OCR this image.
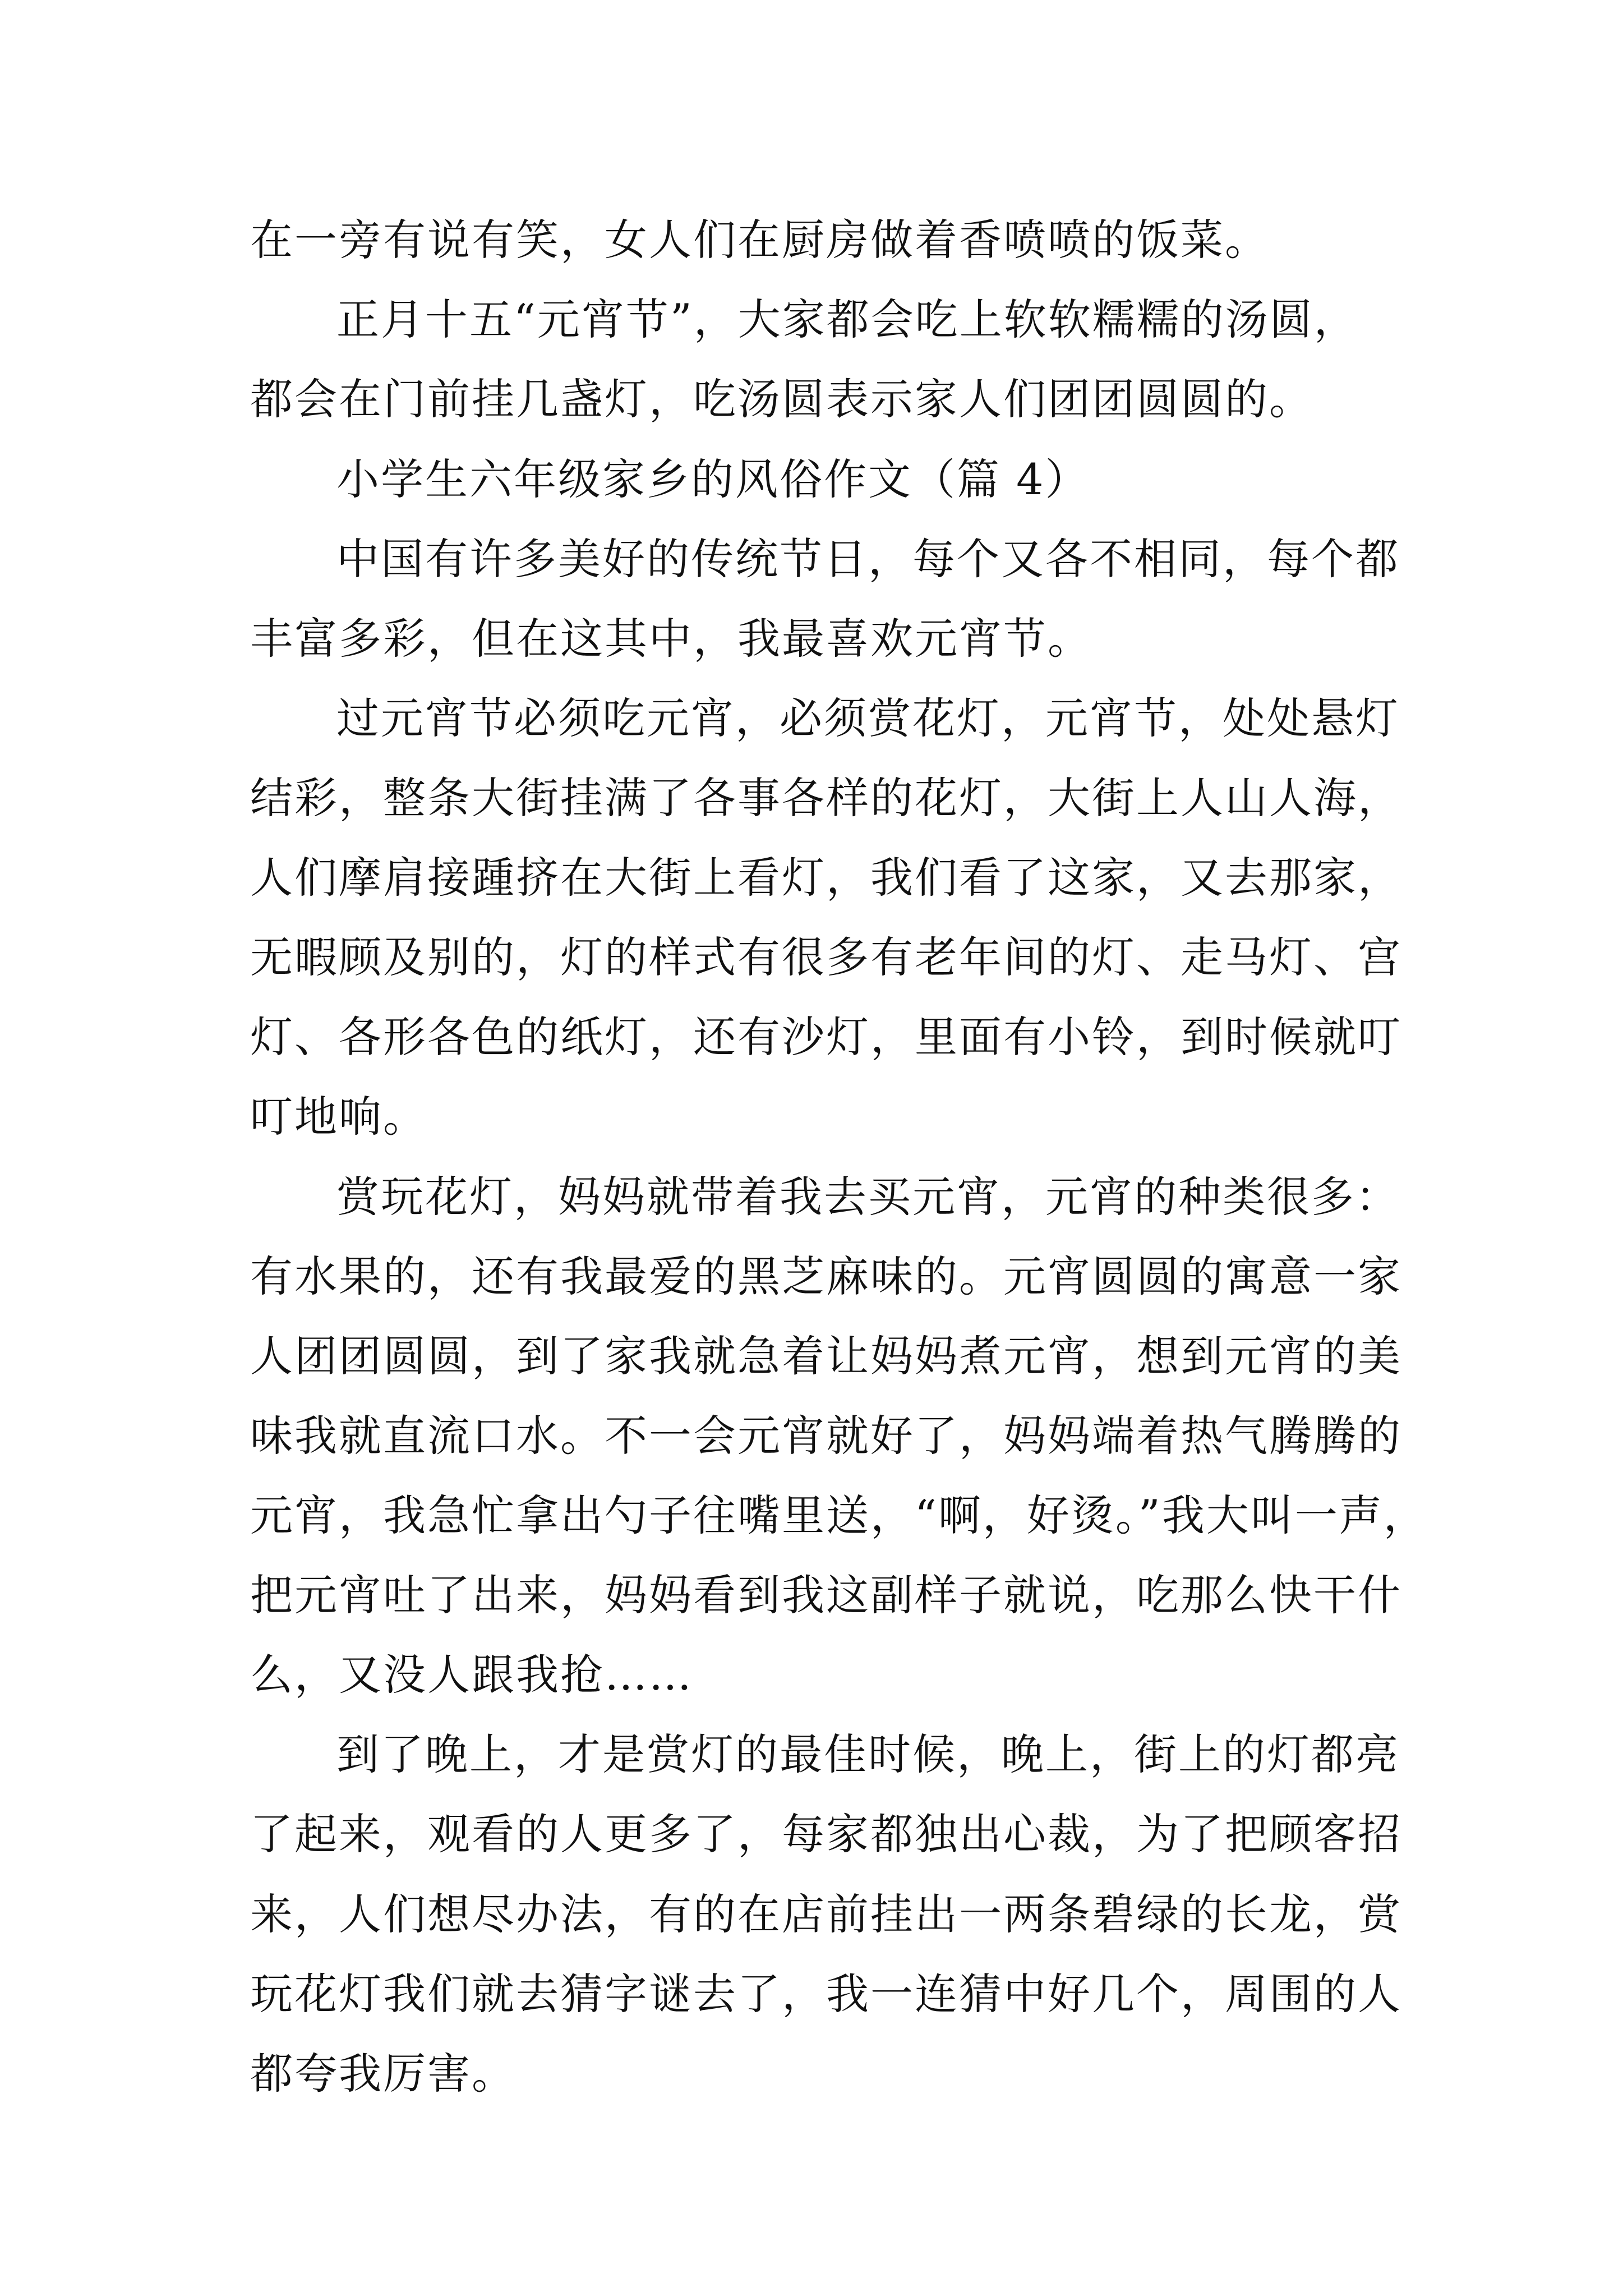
在一旁有说有笑，女人们在厨房做着香喷喷的饭菜。
正月十五“元宵节”，大家都会吃上软软糯糯的汤圆，
都会在门前挂几盏灯，吃汤圆表示家人们团团圆圆的。
小学生六年级家乡的风俗作文（篇 4）
中国有许多美好的传统节日，每个又各不相同，每个都
丰富多彩，但在这其中，我最喜欢元宵节。
过元宵节必须吃元宵，必须赏花灯，元宵节，处处悬灯
结彩，整条大街挂满了各事各样的花灯，大街上人山人海，
人们摩肩接踵挤在大街上看灯，我们看了这家，又去那家，
无暇顾及别的，灯的样式有很多有老年间的灯、走马灯、宫
灯、各形各色的纸灯，还有沙灯，里面有小铃，到时候就叮
叮地响。
赏玩花灯，妈妈就带着我去买元宵，元宵的种类很多：
有水果的，还有我最爱的黑芝麻味的。元宵圆圆的寓意一家
人团团圆圆，到了家我就急着让妈妈煮元宵，想到元宵的美
味我就直流口水。不一会元宵就好了，妈妈端着热气腾腾的
元宵，我急忙拿出勺子往嘴里送，“啊，好烫。”我大叫一声，
把元宵吐了出来，妈妈看到我这副样子就说，吃那么快干什
么，又没人跟我抢……
到了晚上，才是赏灯的最佳时候，晚上，街上的灯都亮
了起来，观看的人更多了，每家都独出心裁，为了把顾客招
来，人们想尽办法，有的在店前挂出一两条碧绿的长龙，赏
玩花灯我们就去猜字谜去了，我一连猜中好几个，周围的人
都夸我厉害。
